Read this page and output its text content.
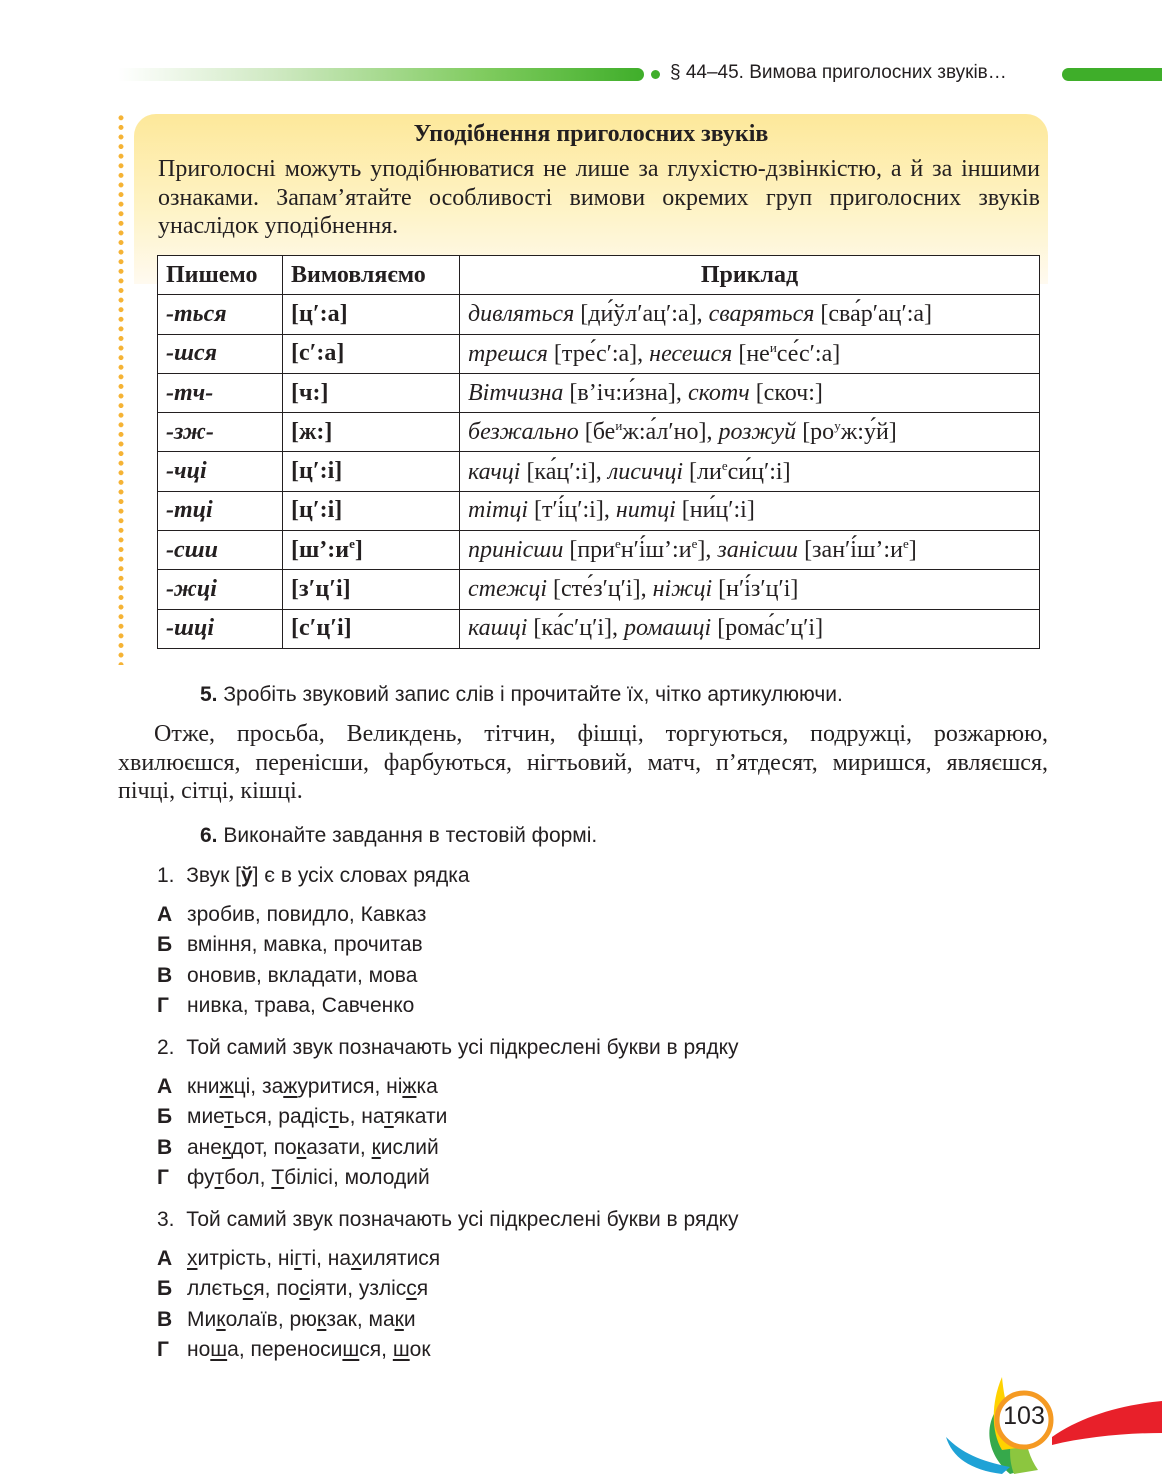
§ 44–45. Вимова приголосних звуків…
Уподібнення приголосних звуків
Приголосні можуть уподібнюватися не лише за глухістю-дзвінкістю, а й за іншими ознаками. Запам’ятайте особливості вимови окремих груп приголосних звуків унаслідок уподібнення.
Пишемо	Вимовляємо	Приклад
-ться	[ц′:а]	дивляться [ди́ўл′ац′:а], сваряться [сва́р′ац′:а]
-шся	[с′:а]	трешся [тре́с′:а], несешся $[не^исе́с':а]$
-тч-	[ч:]	Вітчизна [в’іч:и́зна], скотч [скоч:]
-зж-	[ж:]	безжально $[бе^иж:а́л'но]$, розжуй $[ро^уж:у́й]$
-чці	[ц′:і]	качці [ка́ц′:і], лисичці $[ли^еси́ц':і]$
-тці	[ц′:і]	тітці [т′і́ц′:і], нитці [ни́ц′:і]
-сши	$[ш’:и^е]$	принісши $[при^ен'і́ш’:и^е]$, занісши $[зан'і́ш’:и^е]$
-жці	[з′ц′і]	стежці [сте́з′ц′і], ніжці [н′і́з′ц′і]
-шці	[с′ц′і]	кашці [ка́с′ц′і], ромашці [рома́с′ц′і]
5. Зробіть звуковий запис слів і прочитайте їх, чітко артикулюючи.
Отже, просьба, Великдень, тітчин, фішці, торгуються, подружці, розжарюю, хвилюєшся, перенісши, фарбуються, нігтьовий, матч, п’ятдесят, миришся, являєшся, пічці, сітці, кішці.
6. Виконайте завдання в тестовій формі.
1. Звук [ў] є в усіх словах рядка
А зробив, повидло, Кавказ
Б вміння, мавка, прочитав
В оновив, вкладати, мова
Г нивка, трава, Савченко
2. Той самий звук позначають усі підкреслені букви в рядку
А книжці, зажуритися, ніжка
Б миеться, радість, натякати
В анекдот, показати, кислий
Г футбол, Тбілісі, молодий
3. Той самий звук позначають усі підкреслені букви в рядку
А хитрість, нігті, нахилятися
Б ллється, посіяти, узлісся
В Миколаїв, рюкзак, маки
Г ноша, переносишся, шок
103
